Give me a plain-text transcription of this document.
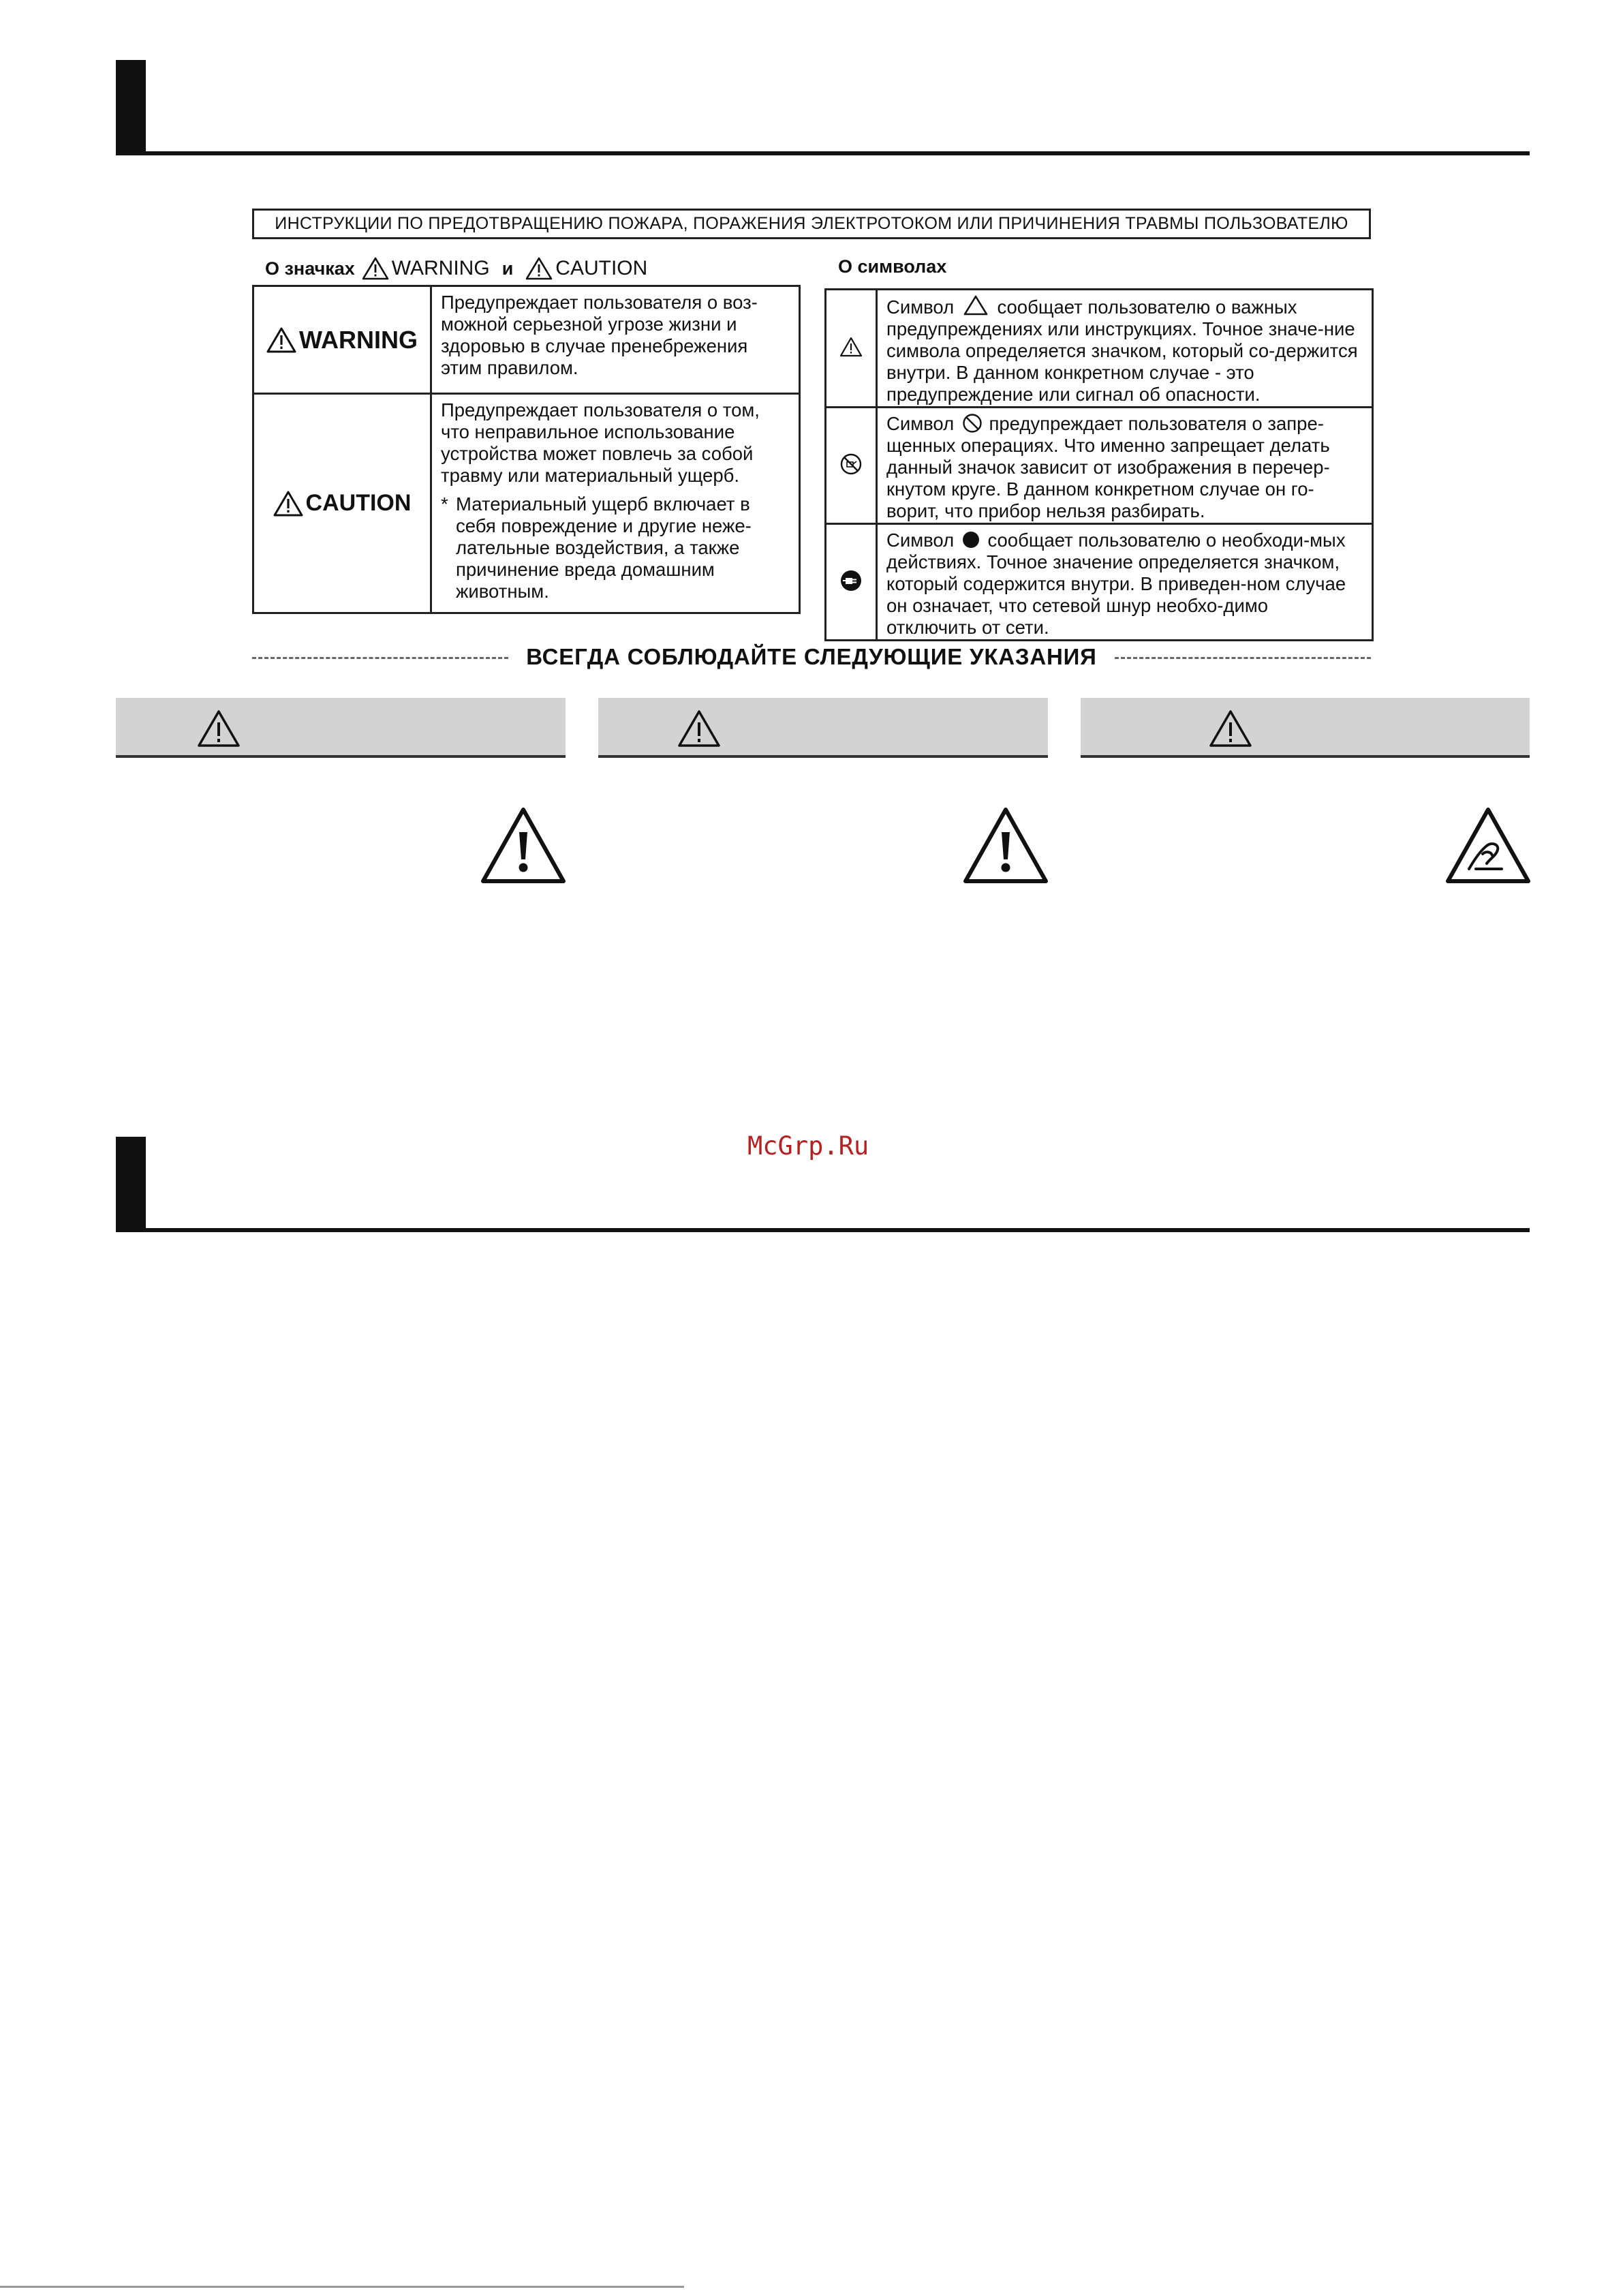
ИНСТРУКЦИИ ПО ПРЕДОТВРАЩЕНИЮ ПОЖАРА, ПОРАЖЕНИЯ ЭЛЕКТРОТОКОМ ИЛИ ПРИЧИНЕНИЯ ТРАВМЫ ПОЛЬЗОВАТЕЛЮ
О значках WARNING и CAUTION
WARNING	Предупреждает пользователя о воз-можной серьезной угрозе жизни и здоровью в случае пренебрежения этим правилом.

CAUTION	Предупреждает пользователя о том, что неправильное использование устройства может повлечь за собой травму или материальный ущерб.
* Материальный ущерб включает в себя повреждение и другие неже-лательные воздействия, а также причинение вреда домашним животным.
О символах

Символ  сообщает пользователю о важных предупреждениях или инструкциях. Точное значе-ние символа определяется значком, который со-держится внутри. В данном конкретном случае - это предупреждение или сигнал об опасности.

Символ  предупреждает пользователя о запре-щенных операциях. Что именно запрещает делать данный значок зависит от изображения в перечер-кнутом круге. В данном конкретном случае он го-ворит, что прибор нельзя разбирать.

Символ  сообщает пользователю о необходи-мых действиях. Точное значение определяется значком, который содержится внутри. В приведен-ном случае он означает, что сетевой шнур необхо-димо отключить от сети.
ВСЕГДА СОБЛЮДАЙТЕ СЛЕДУЮЩИЕ УКАЗАНИЯ
McGrp.Ru
